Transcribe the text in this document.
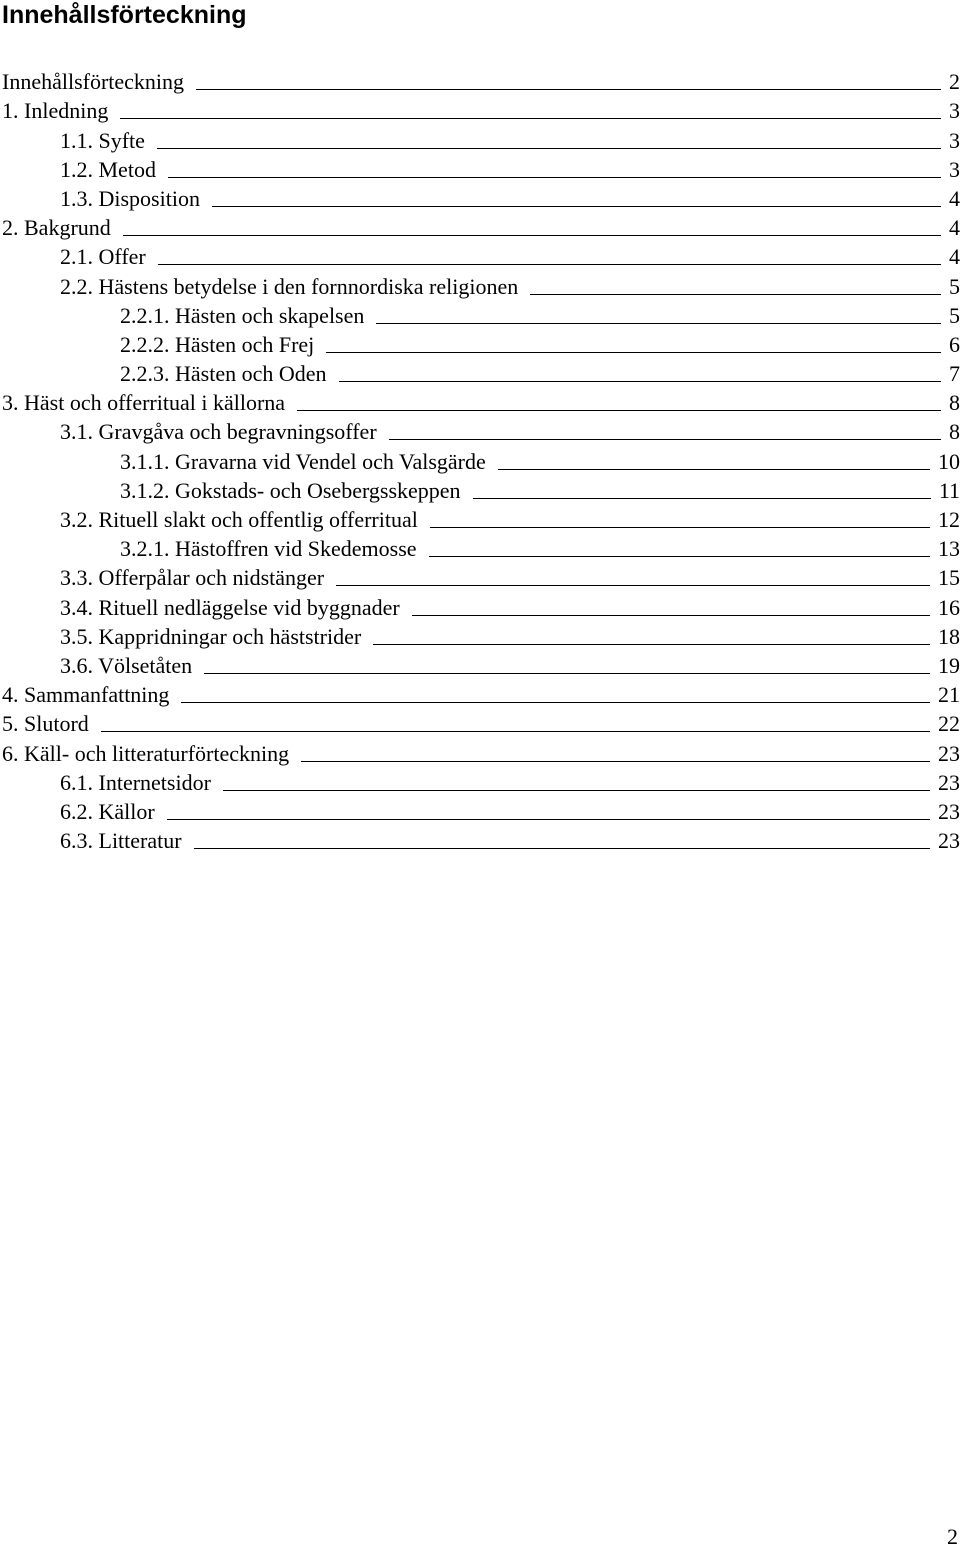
Innehållsförteckning
Innehållsförteckning	2
1. Inledning	3
1.1. Syfte	3
1.2. Metod	3
1.3. Disposition	4
2. Bakgrund	4
2.1. Offer	4
2.2. Hästens betydelse i den fornnordiska religionen	5
2.2.1. Hästen och skapelsen	5
2.2.2. Hästen och Frej	6
2.2.3. Hästen och Oden	7
3. Häst och offerritual i källorna	8
3.1. Gravgåva och begravningsoffer	8
3.1.1. Gravarna vid Vendel och Valsgärde	10
3.1.2. Gokstads- och Osebergsskeppen	11
3.2. Rituell slakt och offentlig offerritual	12
3.2.1. Hästoffren vid Skedemosse	13
3.3. Offerpålar och nidstänger	15
3.4. Rituell nedläggelse vid byggnader	16
3.5. Kappridningar och häststrider	18
3.6. Völsetåten	19
4. Sammanfattning	21
5. Slutord	22
6. Käll- och litteraturförteckning	23
6.1. Internetsidor	23
6.2. Källor	23
6.3. Litteratur	23
2
